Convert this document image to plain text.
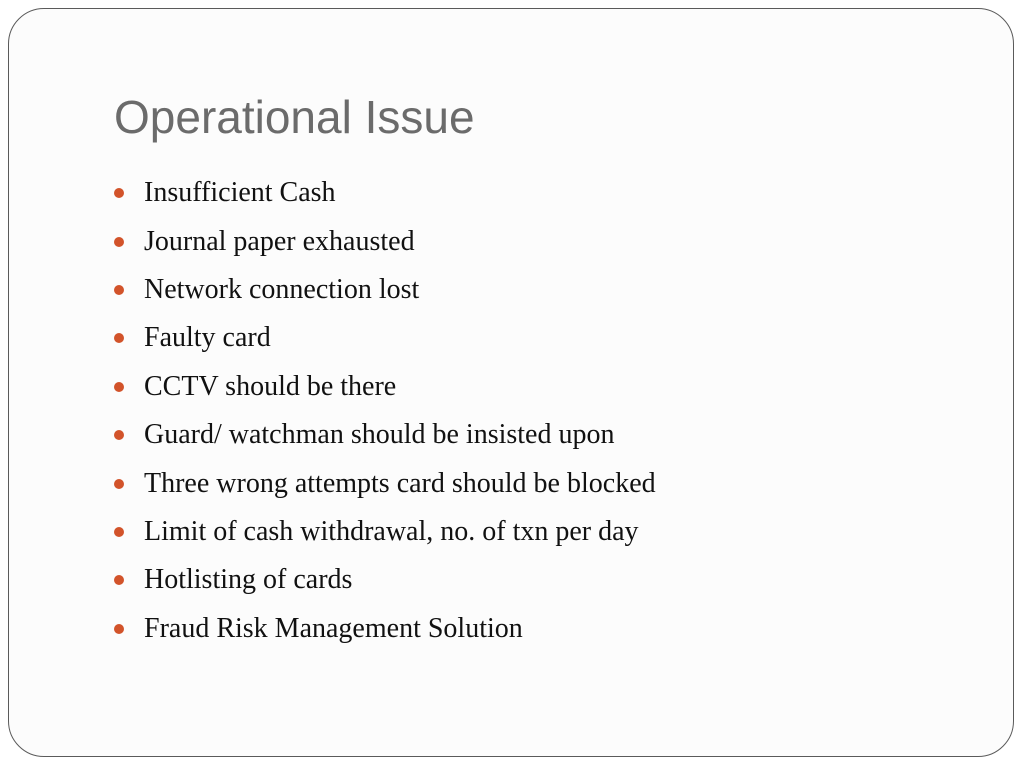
Operational Issue
Insufficient Cash
Journal paper exhausted
Network connection lost
Faulty card
CCTV should be there
Guard/ watchman should be insisted upon
Three wrong attempts card should be blocked
Limit of cash withdrawal, no. of txn per day
Hotlisting of cards
Fraud Risk Management Solution
